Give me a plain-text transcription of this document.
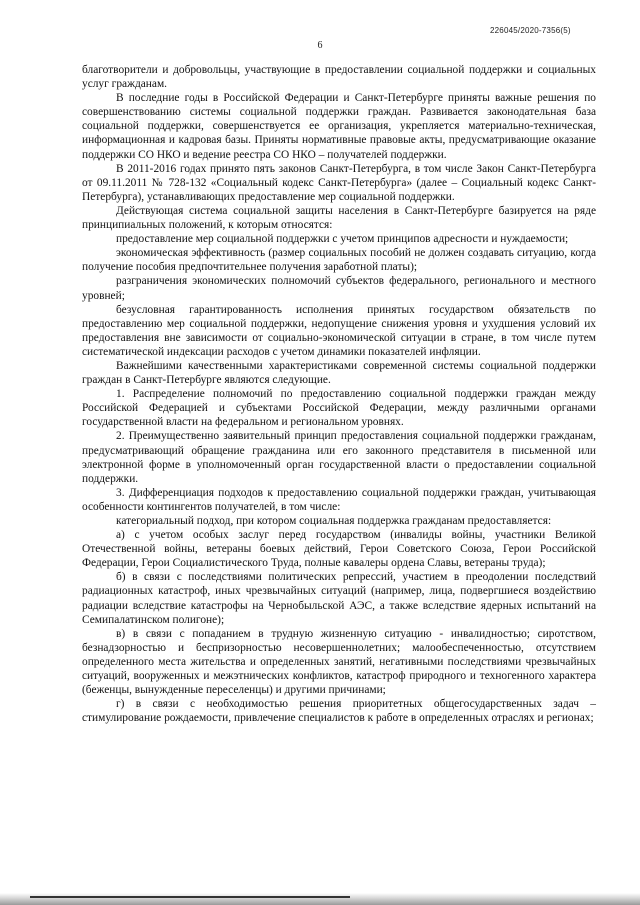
226045/2020-7356(5)
6

благотворители и добровольцы, участвующие в предоставлении социальной поддержки и социальных услуг гражданам.

В последние годы в Российской Федерации и Санкт-Петербурге приняты важные решения по совершенствованию системы социальной поддержки граждан. Развивается законодательная база социальной поддержки, совершенствуется ее организация, укрепляется материально-техническая, информационная и кадровая базы. Приняты нормативные правовые акты, предусматривающие оказание поддержки СО НКО и ведение реестра СО НКО – получателей поддержки.

В 2011-2016 годах принято пять законов Санкт-Петербурга, в том числе Закон Санкт-Петербурга от 09.11.2011 № 728-132 «Социальный кодекс Санкт-Петербурга» (далее – Социальный кодекс Санкт-Петербурга), устанавливающих предоставление мер социальной поддержки.

Действующая система социальной защиты населения в Санкт-Петербурге базируется на ряде принципиальных положений, к которым относятся:

предоставление мер социальной поддержки с учетом принципов адресности и нуждаемости;

экономическая эффективность (размер социальных пособий не должен создавать ситуацию, когда получение пособия предпочтительнее получения заработной платы);

разграничения экономических полномочий субъектов федерального, регионального и местного уровней;

безусловная гарантированность исполнения принятых государством обязательств по предоставлению мер социальной поддержки, недопущение снижения уровня и ухудшения условий их предоставления вне зависимости от социально-экономической ситуации в стране, в том числе путем систематической индексации расходов с учетом динамики показателей инфляции.

Важнейшими качественными характеристиками современной системы социальной поддержки граждан в Санкт-Петербурге являются следующие.

1. Распределение полномочий по предоставлению социальной поддержки граждан между Российской Федерацией и субъектами Российской Федерации, между различными органами государственной власти на федеральном и региональном уровнях.

2. Преимущественно заявительный принцип предоставления социальной поддержки гражданам, предусматривающий обращение гражданина или его законного представителя в письменной или электронной форме в уполномоченный орган государственной власти о предоставлении социальной поддержки.

3. Дифференциация подходов к предоставлению социальной поддержки граждан, учитывающая особенности контингентов получателей, в том числе:

категориальный подход, при котором социальная поддержка гражданам предоставляется:

а) с учетом особых заслуг перед государством (инвалиды войны, участники Великой Отечественной войны, ветераны боевых действий, Герои Советского Союза, Герои Российской Федерации, Герои Социалистического Труда, полные кавалеры ордена Славы, ветераны труда);

б) в связи с последствиями политических репрессий, участием в преодолении последствий радиационных катастроф, иных чрезвычайных ситуаций (например, лица, подвергшиеся воздействию радиации вследствие катастрофы на Чернобыльской АЭС, а также вследствие ядерных испытаний на Семипалатинском полигоне);

в) в связи с попаданием в трудную жизненную ситуацию - инвалидностью; сиротством, безнадзорностью и беспризорностью несовершеннолетних; малообеспеченностью, отсутствием определенного места жительства и определенных занятий, негативными последствиями чрезвычайных ситуаций, вооруженных и межэтнических конфликтов, катастроф природного и техногенного характера (беженцы, вынужденные переселенцы) и другими причинами;

г) в связи с необходимостью решения приоритетных общегосударственных задач – стимулирование рождаемости, привлечение специалистов к работе в определенных отраслях и регионах;
